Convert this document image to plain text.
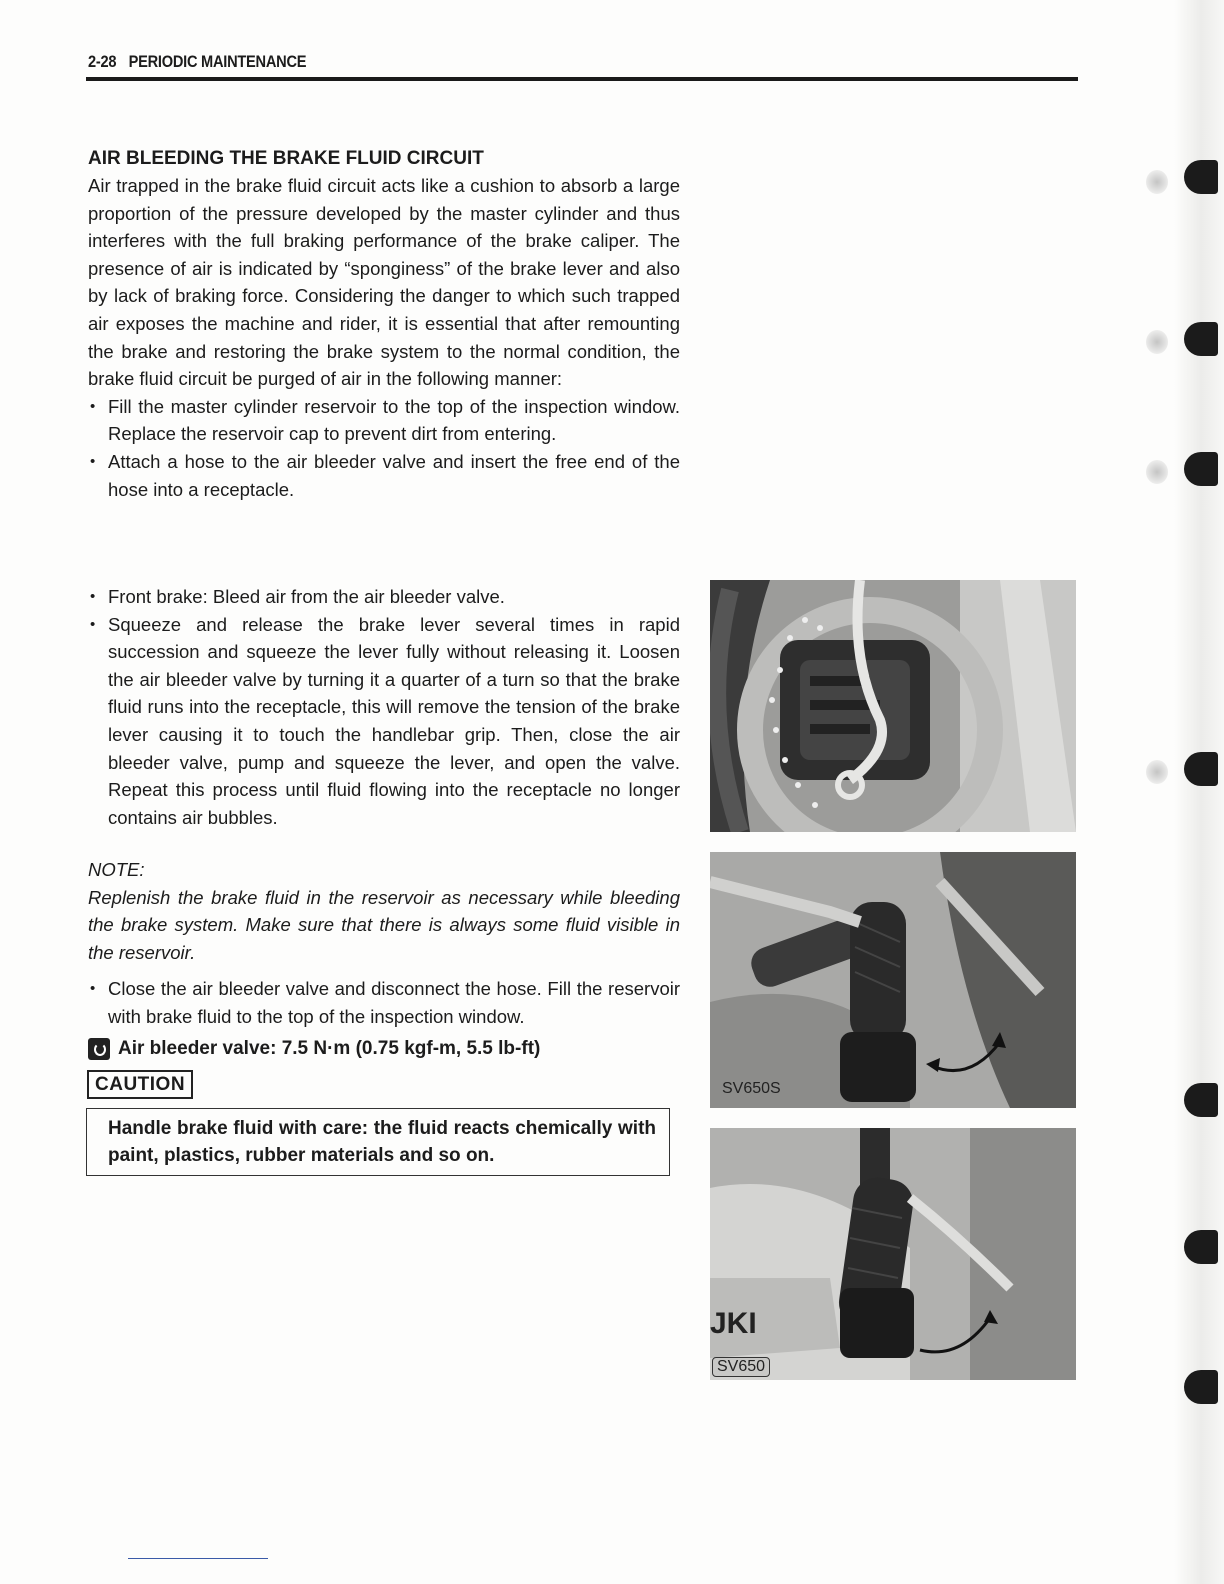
2-28 PERIODIC MAINTENANCE
AIR BLEEDING THE BRAKE FLUID CIRCUIT

Air trapped in the brake fluid circuit acts like a cushion to absorb a large proportion of the pressure developed by the master cylinder and thus interferes with the full braking performance of the brake caliper. The presence of air is indicated by “sponginess” of the brake lever and also by lack of braking force. Considering the danger to which such trapped air exposes the machine and rider, it is essential that after remounting the brake and restoring the brake system to the normal condition, the brake fluid circuit be purged of air in the following manner:

• Fill the master cylinder reservoir to the top of the inspection window. Replace the reservoir cap to prevent dirt from entering.
• Attach a hose to the air bleeder valve and insert the free end of the hose into a receptacle.
• Front brake: Bleed air from the air bleeder valve.
• Squeeze and release the brake lever several times in rapid succession and squeeze the lever fully without releasing it. Loosen the air bleeder valve by turning it a quarter of a turn so that the brake fluid runs into the receptacle, this will remove the tension of the brake lever causing it to touch the handlebar grip. Then, close the air bleeder valve, pump and squeeze the lever, and open the valve. Repeat this process until fluid flowing into the receptacle no longer contains air bubbles.

NOTE:

Replenish the brake fluid in the reservoir as necessary while bleeding the brake system. Make sure that there is always some fluid visible in the reservoir.

• Close the air bleeder valve and disconnect the hose. Fill the reservoir with brake fluid to the top of the inspection window.
Air bleeder valve: 7.5 N·m (0.75 kgf-m, 5.5 lb-ft)
CAUTION

Handle brake fluid with care: the fluid reacts chemically with paint, plastics, rubber materials and so on.

SV650S
JKI
SV650
